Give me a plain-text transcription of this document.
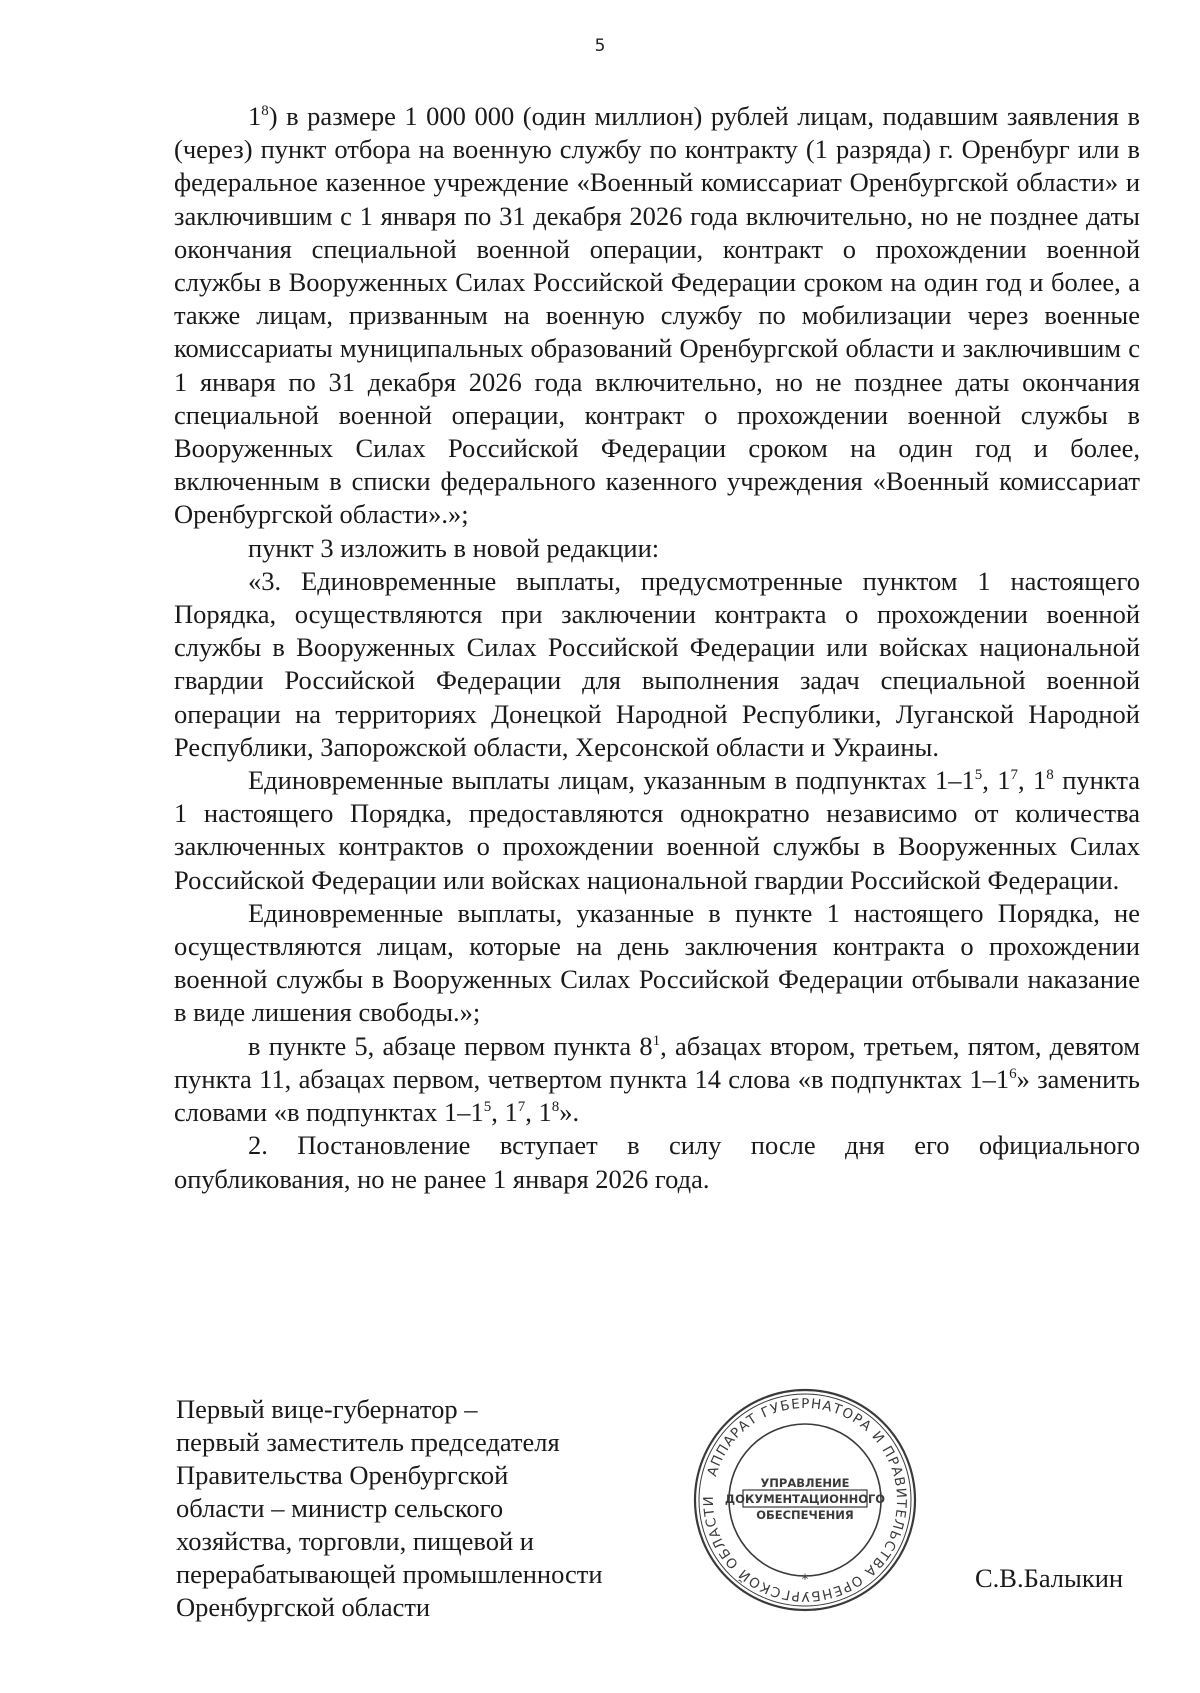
5

$1^8$) в размере 1 000 000 (один миллион) рублей лицам, подавшим заявления в (через) пункт отбора на военную службу по контракту (1 разряда) г. Оренбург или в федеральное казенное учреждение «Военный комиссариат Оренбургской области» и заключившим с 1 января по 31 декабря 2026 года включительно, но не позднее даты окончания специальной военной операции, контракт о прохождении военной службы в Вооруженных Силах Российской Федерации сроком на один год и более, а также лицам, призванным на военную службу по мобилизации через военные комиссариаты муниципальных образований Оренбургской области и заключившим с 1 января по 31 декабря 2026 года включительно, но не позднее даты окончания специальной военной операции, контракт о прохождении военной службы в Вооруженных Силах Российской Федерации сроком на один год и более, включенным в списки федерального казенного учреждения «Военный комиссариат Оренбургской области».»;

пункт 3 изложить в новой редакции:

«3. Единовременные выплаты, предусмотренные пунктом 1 настоящего Порядка, осуществляются при заключении контракта о прохождении военной службы в Вооруженных Силах Российской Федерации или войсках национальной гвардии Российской Федерации для выполнения задач специальной военной операции на территориях Донецкой Народной Республики, Луганской Народной Республики, Запорожской области, Херсонской области и Украины.

Единовременные выплаты лицам, указанным в подпунктах $1-1^5$, $1^7$, $1^8$ пункта 1 настоящего Порядка, предоставляются однократно независимо от количества заключенных контрактов о прохождении военной службы в Вооруженных Силах Российской Федерации или войсках национальной гвардии Российской Федерации.

Единовременные выплаты, указанные в пункте 1 настоящего Порядка, не осуществляются лицам, которые на день заключения контракта о прохождении военной службы в Вооруженных Силах Российской Федерации отбывали наказание в виде лишения свободы.»;

в пункте 5, абзаце первом пункта $8^1$, абзацах втором, третьем, пятом, девятом пункта 11, абзацах первом, четвертом пункта 14 слова «в подпунктах $1-1^6$» заменить словами «в подпунктах $1-1^5$, $1^7$, $1^8$».

2. Постановление вступает в силу после дня его официального опубликования, но не ранее 1 января 2026 года.

Первый вице-губернатор –
первый заместитель председателя
Правительства Оренбургской
области – министр сельского
хозяйства, торговли, пищевой и
перерабатывающей промышленности
Оренбургской области
АППАРАТ ГУБЕРНАТОРА И ПРАВИТЕЛЬСТВА ОРЕНБУРГСКОЙ ОБЛАСТИ
*
УПРАВЛЕНИЕ
ДОКУМЕНТАЦИОННОГО
ОБЕСПЕЧЕНИЯ
С.В.Балыкин
